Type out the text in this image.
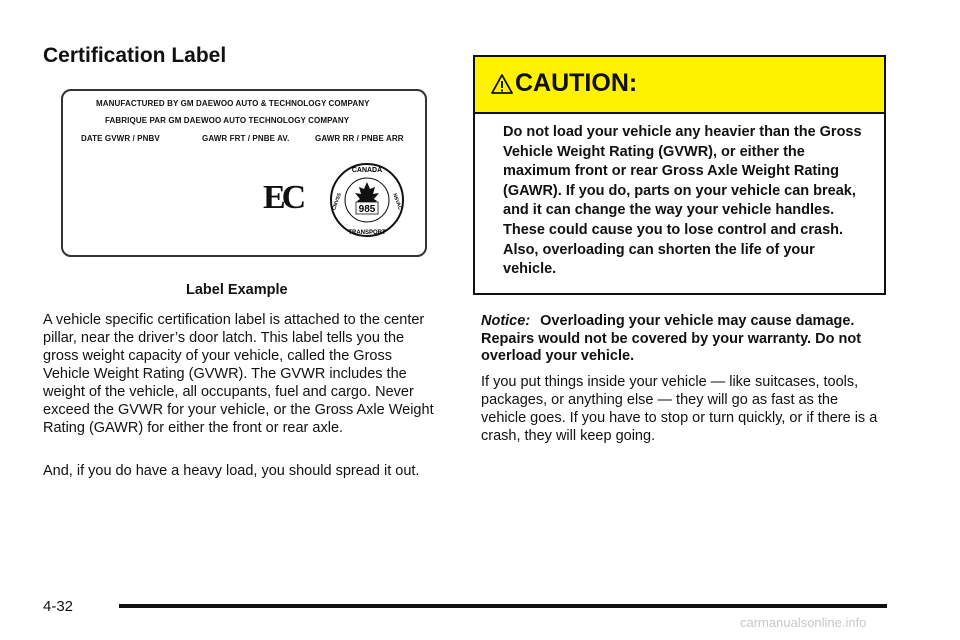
Certification Label
MANUFACTURED BY GM DAEWOO AUTO & TECHNOLOGY COMPANY
FABRIQUE PAR GM DAEWOO AUTO TECHNOLOGY COMPANY
DATE GVWR / PNBV	GAWR FRT / PNBE AV.	GAWR RR / PNBE ARR
EC	985
CANADA
TRANSPORT
CMVSS	NSVAC
Label Example

A vehicle specific certification label is attached to the center pillar, near the driver’s door latch. This label tells you the gross weight capacity of your vehicle, called the Gross Vehicle Weight Rating (GVWR). The GVWR includes the weight of the vehicle, all occupants, fuel and cargo. Never exceed the GVWR for your vehicle, or the Gross Axle Weight Rating (GAWR) for either the front or rear axle.

And, if you do have a heavy load, you should spread it out.

CAUTION:

Do not load your vehicle any heavier than the Gross Vehicle Weight Rating (GVWR), or either the maximum front or rear Gross Axle Weight Rating (GAWR). If you do, parts on your vehicle can break, and it can change the way your vehicle handles. These could cause you to lose control and crash. Also, overloading can shorten the life of your vehicle.

Notice: Overloading your vehicle may cause damage. Repairs would not be covered by your warranty. Do not overload your vehicle.

If you put things inside your vehicle — like suitcases, tools, packages, or anything else — they will go as fast as the vehicle goes. If you have to stop or turn quickly, or if there is a crash, they will keep going.

4-32
carmanualsonline.info
